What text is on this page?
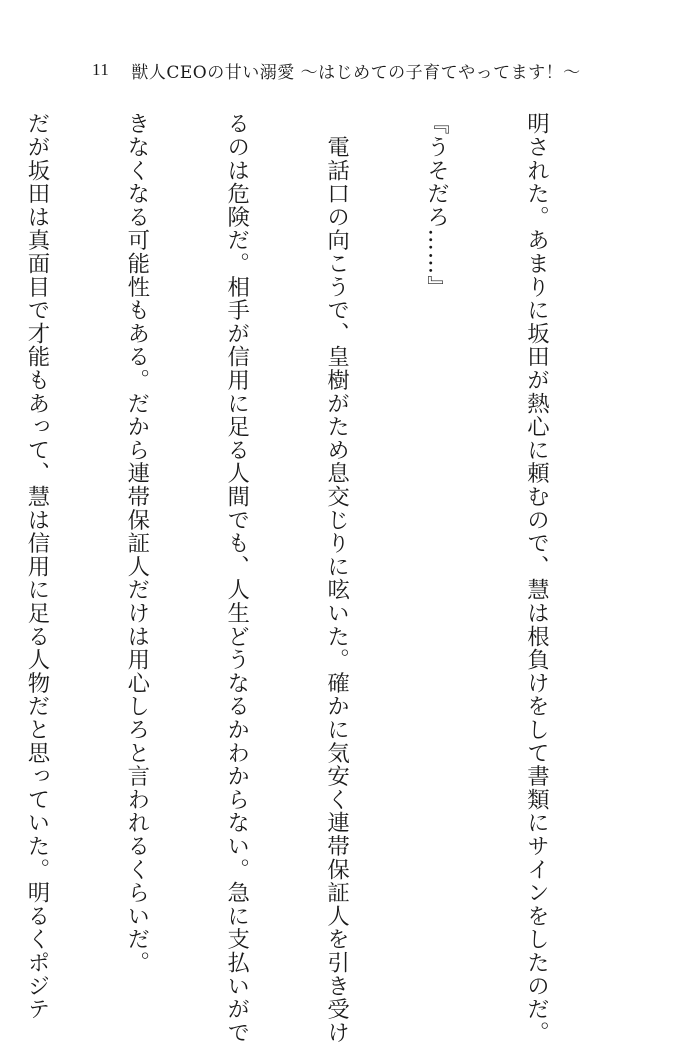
11 獣人CEOの甘い溺愛 〜はじめての子育てやってます！〜

明された。あまりに坂田が熱心に頼むので、慧は根負けをして書類にサインをしたのだ。

『うそだろ……』

　電話口の向こうで、皇樹がため息交じりに呟いた。確かに気安く連帯保証人を引き受け

るのは危険だ。相手が信用に足る人間でも、人生どうなるかわからない。急に支払いがで

きなくなる可能性もある。だから連帯保証人だけは用心しろと言われるくらいだ。

だが坂田は真面目で才能もあって、慧は信用に足る人物だと思っていた。明るくポジテ
